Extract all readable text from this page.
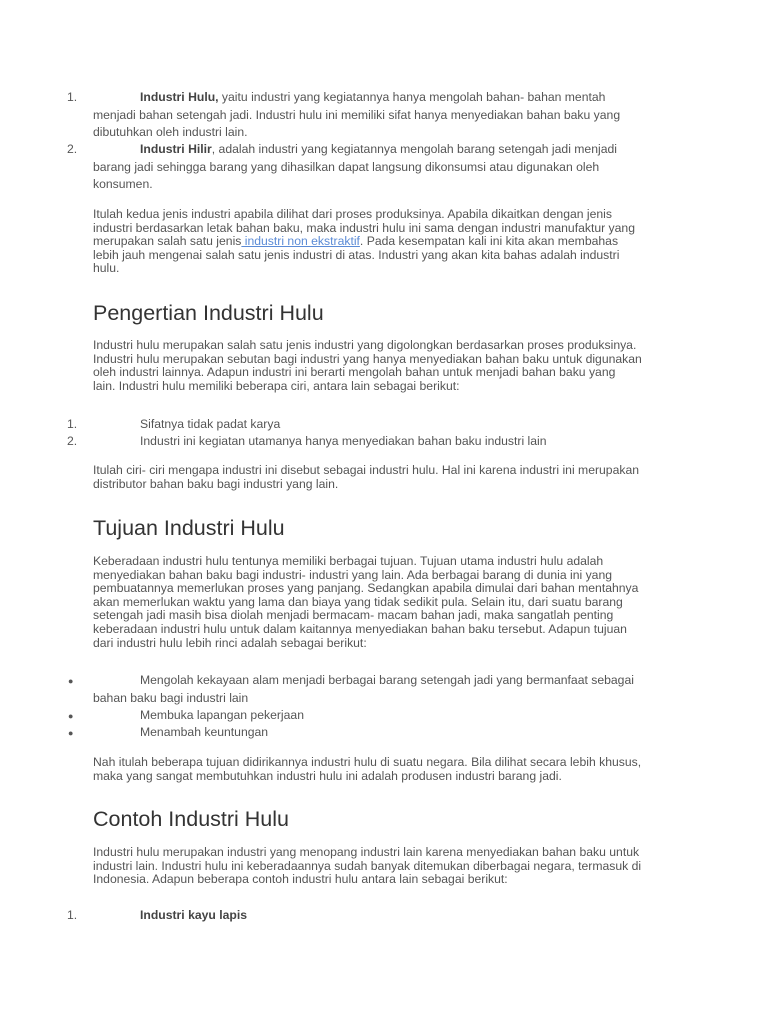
1.	Industri Hulu, yaitu industri yang kegiatannya hanya mengolah bahan- bahan mentah
menjadi bahan setengah jadi. Industri hulu ini memiliki sifat hanya menyediakan bahan baku yang
dibutuhkan oleh industri lain.
2.	Industri Hilir, adalah industri yang kegiatannya mengolah barang setengah jadi menjadi
barang jadi sehingga barang yang dihasilkan dapat langsung dikonsumsi atau digunakan oleh
konsumen.
Itulah kedua jenis industri apabila dilihat dari proses produksinya. Apabila dikaitkan dengan jenis
industri berdasarkan letak bahan baku, maka industri hulu ini sama dengan industri manufaktur yang
merupakan salah satu jenis industri non ekstraktif. Pada kesempatan kali ini kita akan membahas
lebih jauh mengenai salah satu jenis industri di atas. Industri yang akan kita bahas adalah industri
hulu.
Pengertian Industri Hulu
Industri hulu merupakan salah satu jenis industri yang digolongkan berdasarkan proses produksinya.
Industri hulu merupakan sebutan bagi industri yang hanya menyediakan bahan baku untuk digunakan
oleh industri lainnya. Adapun industri ini berarti mengolah bahan untuk menjadi bahan baku yang
lain. Industri hulu memiliki beberapa ciri, antara lain sebagai berikut:
1.	Sifatnya tidak padat karya
2.	Industri ini kegiatan utamanya hanya menyediakan bahan baku industri lain
Itulah ciri- ciri mengapa industri ini disebut sebagai industri hulu. Hal ini karena industri ini merupakan
distributor bahan baku bagi industri yang lain.
Tujuan Industri Hulu
Keberadaan industri hulu tentunya memiliki berbagai tujuan. Tujuan utama industri hulu adalah
menyediakan bahan baku bagi industri- industri yang lain. Ada berbagai barang di dunia ini yang
pembuatannya memerlukan proses yang panjang. Sedangkan apabila dimulai dari bahan mentahnya
akan memerlukan waktu yang lama dan biaya yang tidak sedikit pula. Selain itu, dari suatu barang
setengah jadi masih bisa diolah menjadi bermacam- macam bahan jadi, maka sangatlah penting
keberadaan industri hulu untuk dalam kaitannya menyediakan bahan baku tersebut. Adapun tujuan
dari industri hulu lebih rinci adalah sebagai berikut:
●	Mengolah kekayaan alam menjadi berbagai barang setengah jadi yang bermanfaat sebagai
bahan baku bagi industri lain
●	Membuka lapangan pekerjaan
●	Menambah keuntungan
Nah itulah beberapa tujuan didirikannya industri hulu di suatu negara. Bila dilihat secara lebih khusus,
maka yang sangat membutuhkan industri hulu ini adalah produsen industri barang jadi.
Contoh Industri Hulu
Industri hulu merupakan industri yang menopang industri lain karena menyediakan bahan baku untuk
industri lain. Industri hulu ini keberadaannya sudah banyak ditemukan diberbagai negara, termasuk di
Indonesia. Adapun beberapa contoh industri hulu antara lain sebagai berikut:
1.	Industri kayu lapis
